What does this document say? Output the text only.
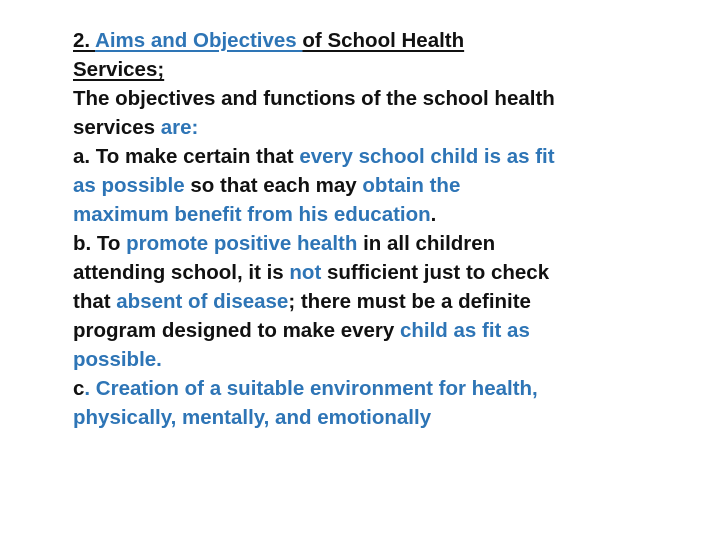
2. Aims and Objectives of School Health
Services;
The objectives and functions of the school health
services are:
a. To make certain that every school child is as fit
as possible so that each may obtain the
maximum benefit from his education.
b. To promote positive health in all children
attending school, it is not sufficient just to check
that absent of disease; there must be a definite
program designed to make every child as fit as
possible.
c. Creation of a suitable environment for health,
physically, mentally, and emotionally
